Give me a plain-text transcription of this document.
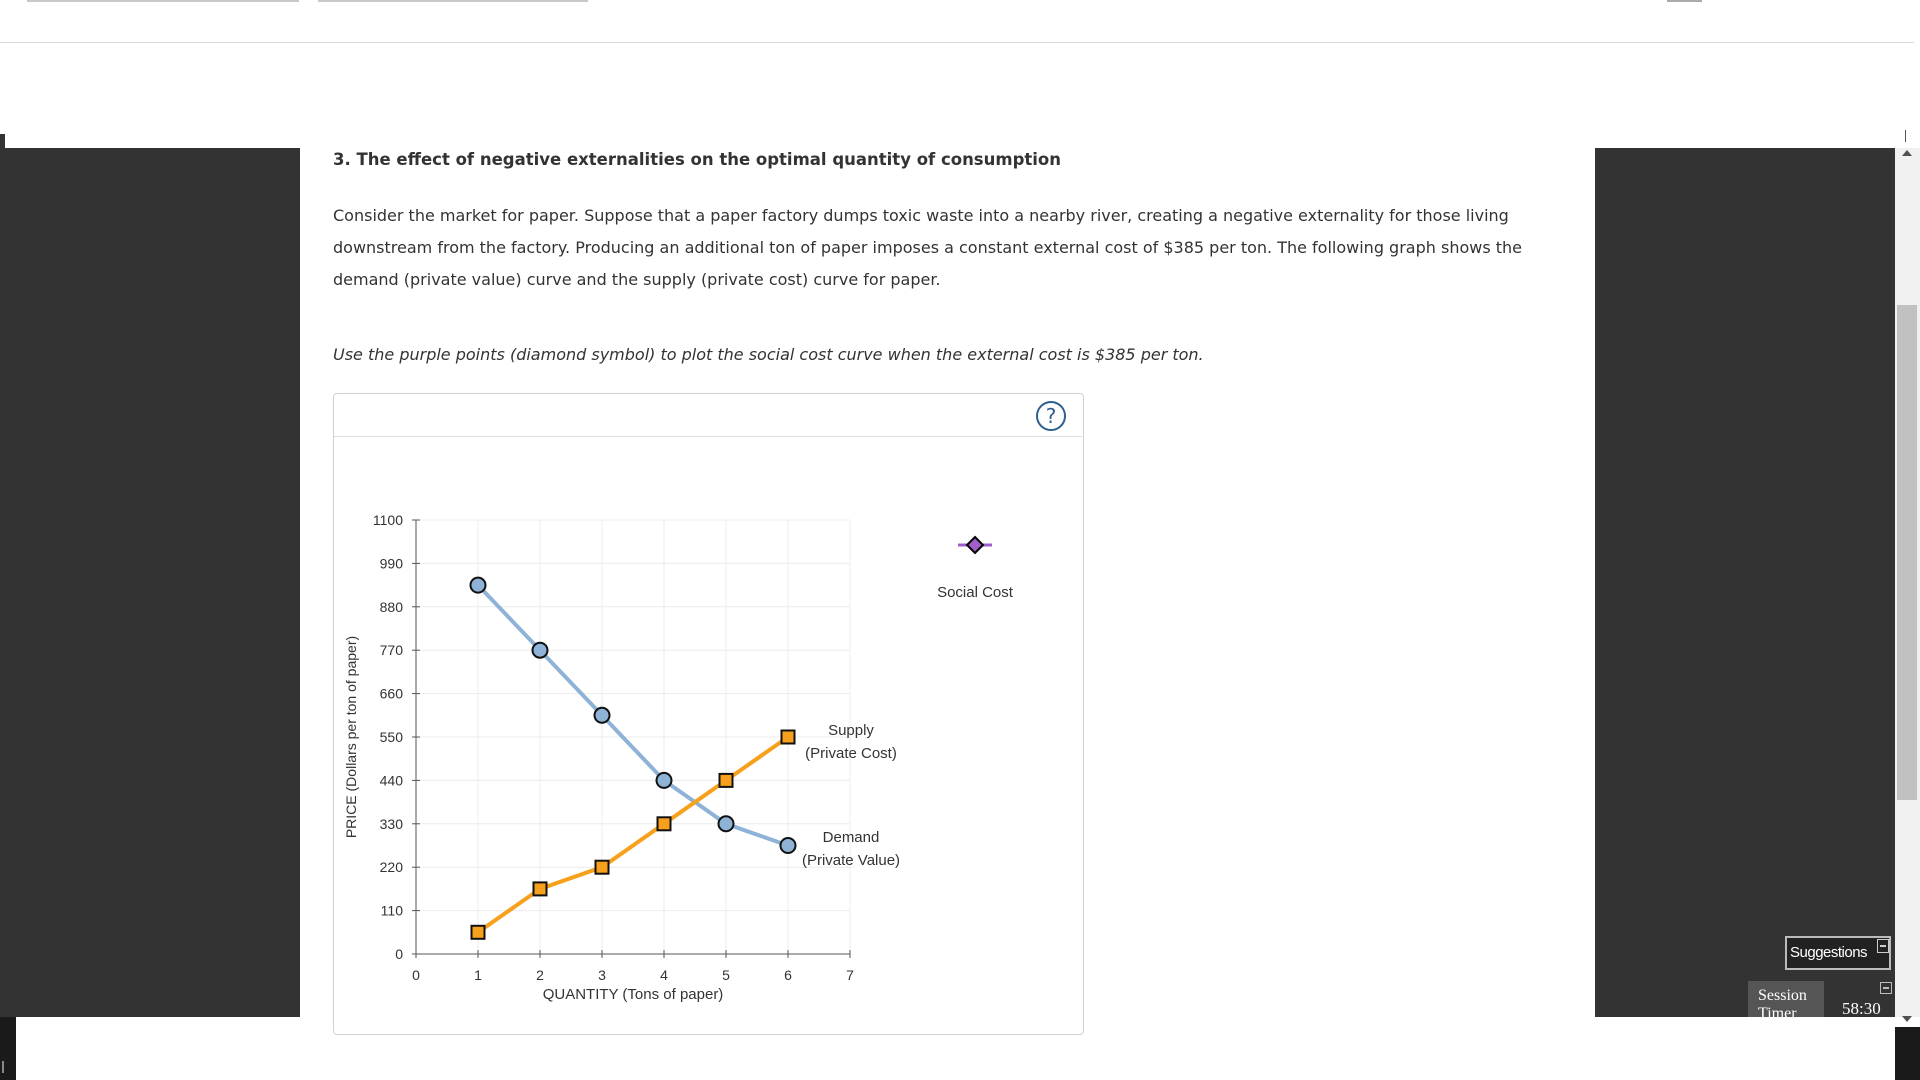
3. The effect of negative externalities on the optimal quantity of consumption
Consider the market for paper. Suppose that a paper factory dumps toxic waste into a nearby river, creating a negative externality for those living downstream from the factory. Producing an additional ton of paper imposes a constant external cost of $385 per ton. The following graph shows the demand (private value) curve and the supply (private cost) curve for paper.
Use the purple points (diamond symbol) to plot the social cost curve when the external cost is $385 per ton.
?
0
110
220
330
440
550
660
770
880
990
1100
0	1	2	3	4	5	6	7
PRICE (Dollars per ton of paper)
QUANTITY (Tons of paper)
Social Cost
Supply
(Private Cost)
Demand
(Private Value)
Suggestions
Session Timer	58:30
